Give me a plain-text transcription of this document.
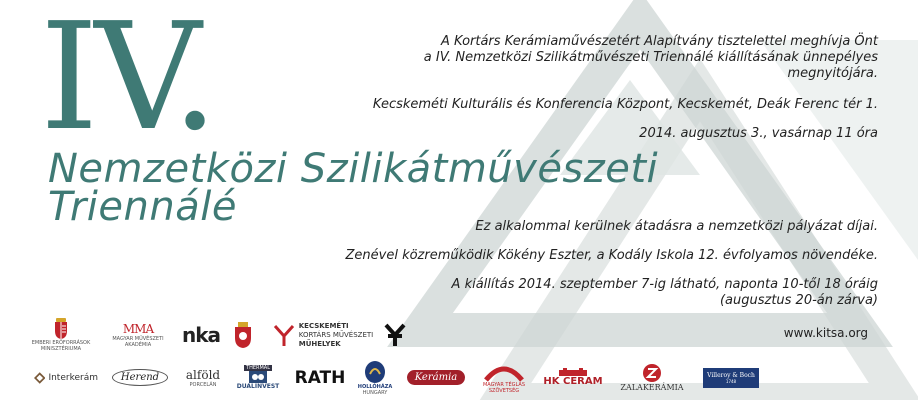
IV.
Nemzetközi Szilikátművészeti
Triennálé
A Kortárs Kerámiaművészetért Alapítvány tisztelettel meghívja Önt
a IV. Nemzetközi Szilikátművészeti Triennálé kiállításának ünnepélyes
megnyitójára.
Kecskeméti Kulturális és Konferencia Központ, Kecskemét, Deák Ferenc tér 1.
2014. augusztus 3., vasárnap 11 óra
Ez alkalommal kerülnek átadásra a nemzetközi pályázat díjai.
Zenével közreműködik Kökény Eszter, a Kodály Iskola 12. évfolyamos növendéke.
A kiállítás 2014. szeptember 7-ig látható, naponta 10-től 18 óráig
(augusztus 20-án zárva)
www.kitsa.org
EMBERI ERŐFORRÁSOK MINISZTÉRIUMA
MMA
MAGYAR MŰVÉSZETI AKADÉMIA	nka	KECSKEMÉTI
KORTÁRS MŰVÉSZETI
MŰHELYEK
Interkerám	Herend	alföld
PORCELÁN
THERMAL
DUALINVEST RATH HOLLÓHÁZA
HUNGARY
Kerámia
MAGYAR TÉGLÁS SZÖVETSÉG
HK CERAM
ZALAKERÁMIA
Villeroy & Boch
1748
